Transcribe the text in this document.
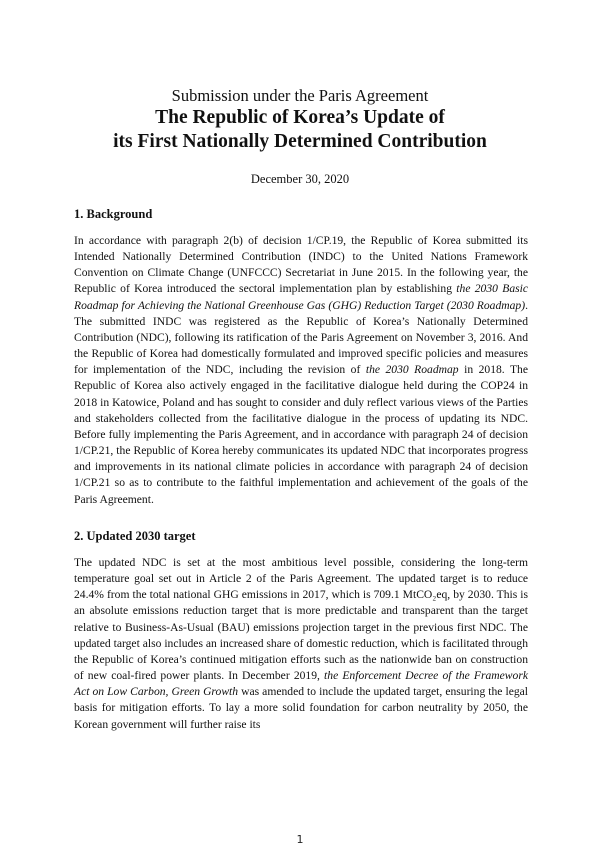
Submission under the Paris Agreement
The Republic of Korea’s Update of
its First Nationally Determined Contribution
December 30, 2020
1. Background

In accordance with paragraph 2(b) of decision 1/CP.19, the Republic of Korea submitted its Intended Nationally Determined Contribution (INDC) to the United Nations Framework Convention on Climate Change (UNFCCC) Secretariat in June 2015. In the following year, the Republic of Korea introduced the sectoral implementation plan by establishing the 2030 Basic Roadmap for Achieving the National Greenhouse Gas (GHG) Reduction Target (2030 Roadmap). The submitted INDC was registered as the Republic of Korea’s Nationally Determined Contribution (NDC), following its ratification of the Paris Agreement on November 3, 2016. And the Republic of Korea had domestically formulated and improved specific policies and measures for implementation of the NDC, including the revision of the 2030 Roadmap in 2018. The Republic of Korea also actively engaged in the facilitative dialogue held during the COP24 in 2018 in Katowice, Poland and has sought to consider and duly reflect various views of the Parties and stakeholders collected from the facilitative dialogue in the process of updating its NDC. Before fully implementing the Paris Agreement, and in accordance with paragraph 24 of decision 1/CP.21, the Republic of Korea hereby communicates its updated NDC that incorporates progress and improvements in its national climate policies in accordance with paragraph 24 of decision 1/CP.21 so as to contribute to the faithful implementation and achievement of the goals of the Paris Agreement.

2. Updated 2030 target

The updated NDC is set at the most ambitious level possible, considering the long-term temperature goal set out in Article 2 of the Paris Agreement. The updated target is to reduce 24.4% from the total national GHG emissions in 2017, which is 709.1 MtCO₂eq, by 2030. This is an absolute emissions reduction target that is more predictable and transparent than the target relative to Business-As-Usual (BAU) emissions projection target in the previous first NDC. The updated target also includes an increased share of domestic reduction, which is facilitated through the Republic of Korea’s continued mitigation efforts such as the nationwide ban on construction of new coal-fired power plants. In December 2019, the Enforcement Decree of the Framework Act on Low Carbon, Green Growth was amended to include the updated target, ensuring the legal basis for mitigation efforts. To lay a more solid foundation for carbon neutrality by 2050, the Korean government will further raise its

1
